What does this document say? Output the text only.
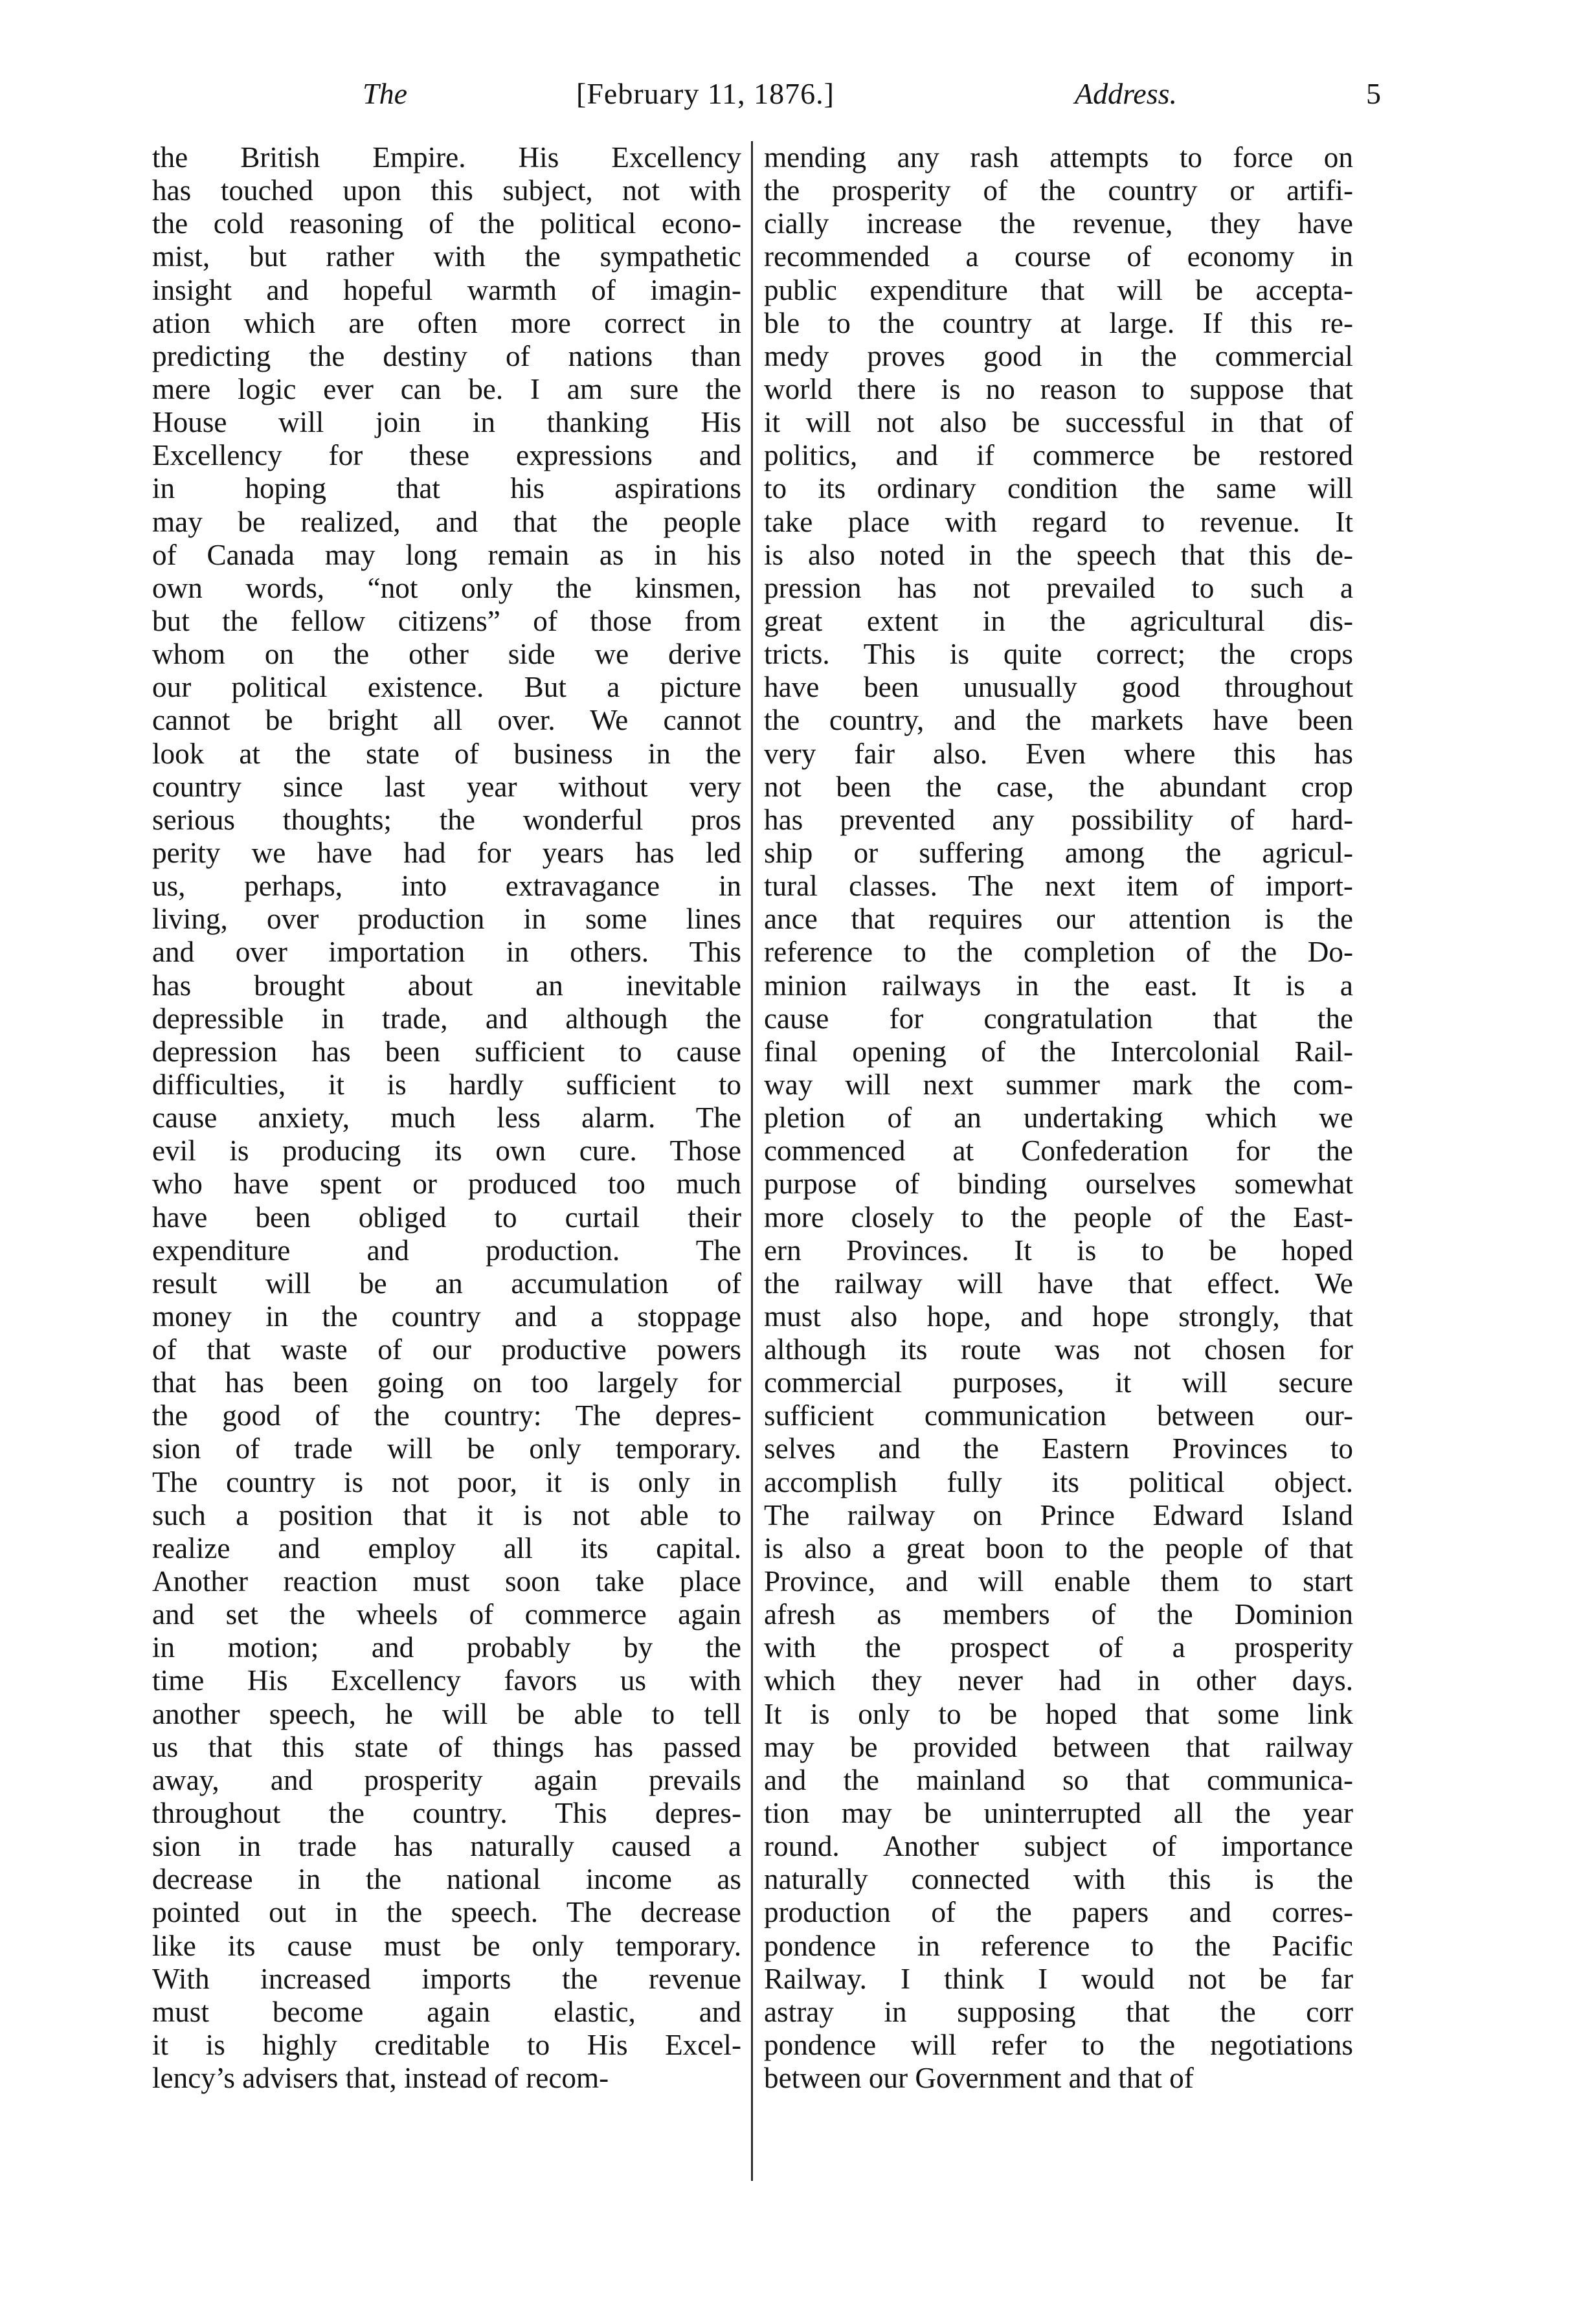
The	[February 11, 1876.]	Address.	5
the British Empire. His Excellency
has touched upon this subject, not with
the cold reasoning of the political econo-
mist, but rather with the sympathetic
insight and hopeful warmth of imagin-
ation which are often more correct in
predicting the destiny of nations than
mere logic ever can be. I am sure the
House will join in thanking His
Excellency for these expressions and
in hoping that his aspirations
may be realized, and that the people
of Canada may long remain as in his
own words, “not only the kinsmen,
but the fellow citizens” of those from
whom on the other side we derive
our political existence. But a picture
cannot be bright all over. We cannot
look at the state of business in the
country since last year without very
serious thoughts; the wonderful pros
perity we have had for years has led
us, perhaps, into extravagance in
living, over production in some lines
and over importation in others. This
has brought about an inevitable
depressible in trade, and although the
depression has been sufficient to cause
difficulties, it is hardly sufficient to
cause anxiety, much less alarm. The
evil is producing its own cure. Those
who have spent or produced too much
have been obliged to curtail their
expenditure and production. The
result will be an accumulation of
money in the country and a stoppage
of that waste of our productive powers
that has been going on too largely for
the good of the country: The depres-
sion of trade will be only temporary.
The country is not poor, it is only in
such a position that it is not able to
realize and employ all its capital.
Another reaction must soon take place
and set the wheels of commerce again
in motion; and probably by the
time His Excellency favors us with
another speech, he will be able to tell
us that this state of things has passed
away, and prosperity again prevails
throughout the country. This depres-
sion in trade has naturally caused a
decrease in the national income as
pointed out in the speech. The decrease
like its cause must be only temporary.
With increased imports the revenue
must become again elastic, and
it is highly creditable to His Excel-
lency’s advisers that, instead of recom-
mending any rash attempts to force on
the prosperity of the country or artifi-
cially increase the revenue, they have
recommended a course of economy in
public expenditure that will be accepta-
ble to the country at large. If this re-
medy proves good in the commercial
world there is no reason to suppose that
it will not also be successful in that of
politics, and if commerce be restored
to its ordinary condition the same will
take place with regard to revenue. It
is also noted in the speech that this de-
pression has not prevailed to such a
great extent in the agricultural dis-
tricts. This is quite correct; the crops
have been unusually good throughout
the country, and the markets have been
very fair also. Even where this has
not been the case, the abundant crop
has prevented any possibility of hard-
ship or suffering among the agricul-
tural classes. The next item of import-
ance that requires our attention is the
reference to the completion of the Do-
minion railways in the east. It is a
cause for congratulation that the
final opening of the Intercolonial Rail-
way will next summer mark the com-
pletion of an undertaking which we
commenced at Confederation for the
purpose of binding ourselves somewhat
more closely to the people of the East-
ern Provinces. It is to be hoped
the railway will have that effect. We
must also hope, and hope strongly, that
although its route was not chosen for
commercial purposes, it will secure
sufficient communication between our-
selves and the Eastern Provinces to
accomplish fully its political object.
The railway on Prince Edward Island
is also a great boon to the people of that
Province, and will enable them to start
afresh as members of the Dominion
with the prospect of a prosperity
which they never had in other days.
It is only to be hoped that some link
may be provided between that railway
and the mainland so that communica-
tion may be uninterrupted all the year
round. Another subject of importance
naturally connected with this is the
production of the papers and corres-
pondence in reference to the Pacific
Railway. I think I would not be far
astray in supposing that the corr
pondence will refer to the negotiations
between our Government and that of
